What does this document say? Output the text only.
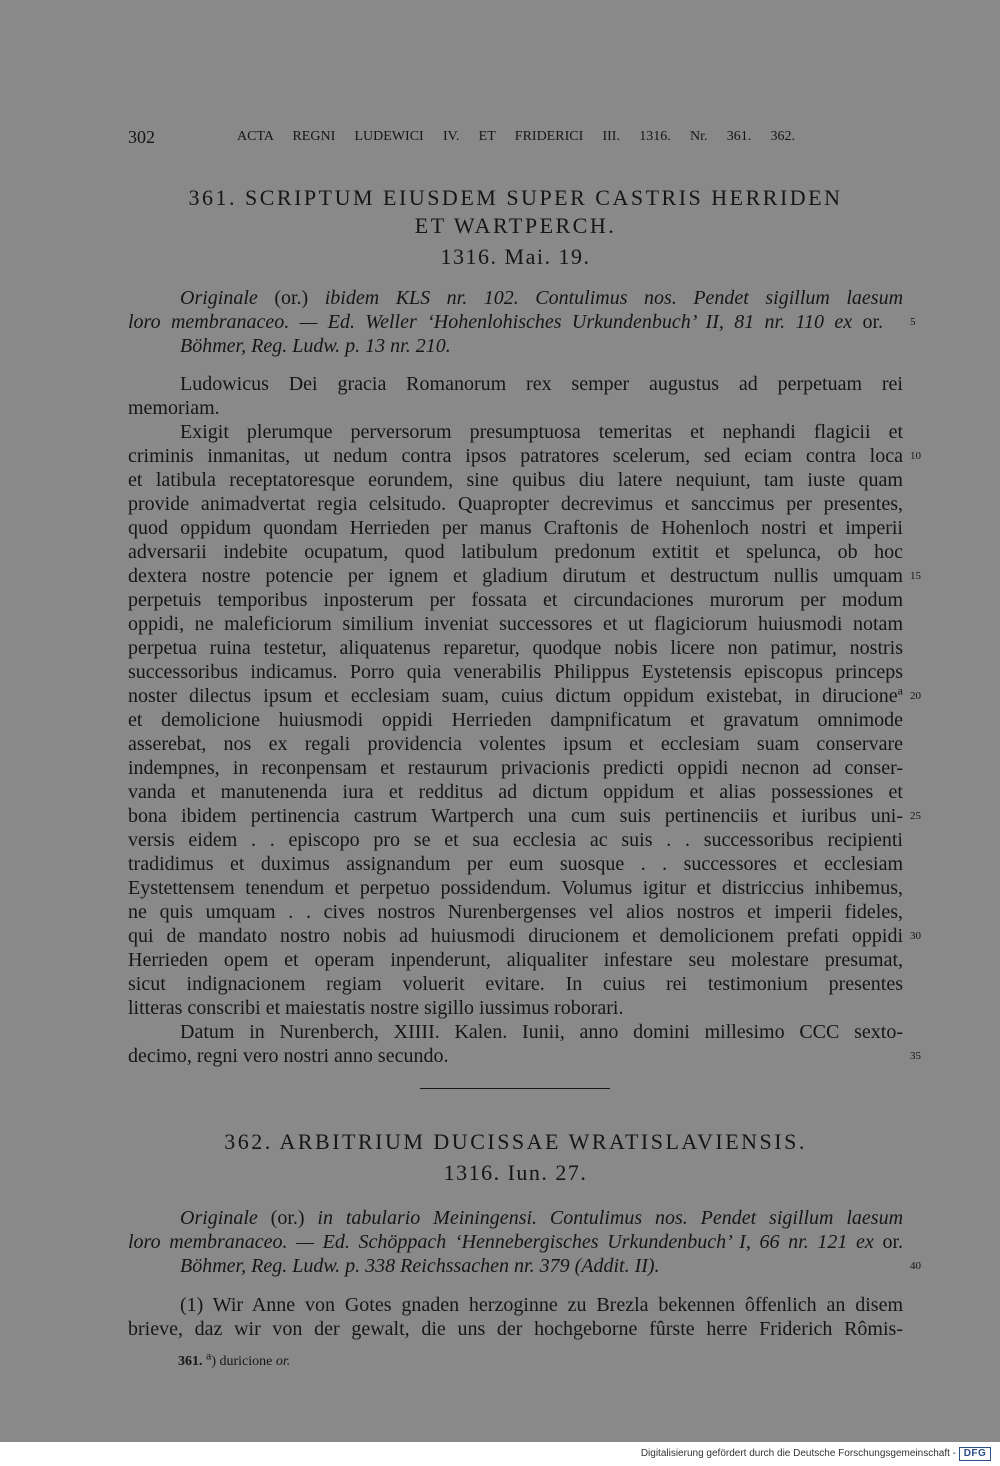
302	ACTA REGNI LUDEWICI IV. ET FRIDERICI III. 1316. Nr. 361. 362.
361. SCRIPTUM EIUSDEM SUPER CASTRIS HERRIDEN
ET WARTPERCH.
1316. Mai. 19.
Originale (or.) ibidem KLS nr. 102. Contulimus nos. Pendet sigillum laesum
loro membranaceo. — Ed. Weller ‘Hohenlohisches Urkundenbuch’ II, 81 nr. 110 ex or.
Böhmer, Reg. Ludw. p. 13 nr. 210.
Ludowicus Dei gracia Romanorum rex semper augustus ad perpetuam rei
memoriam.
Exigit plerumque perversorum presumptuosa temeritas et nephandi flagicii et
criminis inmanitas, ut nedum contra ipsos patratores scelerum, sed eciam contra loca
et latibula receptatoresque eorundem, sine quibus diu latere nequiunt, tam iuste quam
provide animadvertat regia celsitudo. Quapropter decrevimus et sanccimus per presentes,
quod oppidum quondam Herrieden per manus Craftonis de Hohenloch nostri et imperii
adversarii indebite ocupatum, quod latibulum predonum extitit et spelunca, ob hoc
dextera nostre potencie per ignem et gladium dirutum et destructum nullis umquam
perpetuis temporibus inposterum per fossata et circundaciones murorum per modum
oppidi, ne maleficiorum similium inveniat successores et ut flagiciorum huiusmodi notam
perpetua ruina testetur, aliquatenus reparetur, quodque nobis licere non patimur, nostris
successoribus indicamus. Porro quia venerabilis Philippus Eystetensis episcopus princeps
noster dilectus ipsum et ecclesiam suam, cuius dictum oppidum existebat, in dirucione$^a$
et demolicione huiusmodi oppidi Herrieden dampnificatum et gravatum omnimode
asserebat, nos ex regali providencia volentes ipsum et ecclesiam suam conservare
indempnes, in reconpensam et restaurum privacionis predicti oppidi necnon ad conser-
vanda et manutenenda iura et redditus ad dictum oppidum et alias possessiones et
bona ibidem pertinencia castrum Wartperch una cum suis pertinenciis et iuribus uni-
versis eidem . . episcopo pro se et sua ecclesia ac suis . . successoribus recipienti
tradidimus et duximus assignandum per eum suosque . . successores et ecclesiam
Eystettensem tenendum et perpetuo possidendum. Volumus igitur et districcius inhibemus,
ne quis umquam . . cives nostros Nurenbergenses vel alios nostros et imperii fideles,
qui de mandato nostro nobis ad huiusmodi dirucionem et demolicionem prefati oppidi
Herrieden opem et operam inpenderunt, aliqualiter infestare seu molestare presumat,
sicut indignacionem regiam voluerit evitare. In cuius rei testimonium presentes
litteras conscribi et maiestatis nostre sigillo iussimus roborari.
Datum in Nurenberch, XIIII. Kalen. Iunii, anno domini millesimo CCC sexto-
decimo, regni vero nostri anno secundo.
362. ARBITRIUM DUCISSAE WRATISLAVIENSIS.
1316. Iun. 27.
Originale (or.) in tabulario Meiningensi. Contulimus nos. Pendet sigillum laesum
loro membranaceo. — Ed. Schöppach ‘Hennebergisches Urkundenbuch’ I, 66 nr. 121 ex or.
Böhmer, Reg. Ludw. p. 338 Reichssachen nr. 379 (Addit. II).
(1) Wir Anne von Gotes gnaden herzoginne zu Brezla bekennen ôffenlich an disem
brieve, daz wir von der gewalt, die uns der hochgeborne fûrste herre Friderich Rômis-
5
10
15
20
25
30
35
40
361. $^a$) duricione or.
Digitalisierung gefördert durch die Deutsche Forschungsgemeinschaft - DFG
